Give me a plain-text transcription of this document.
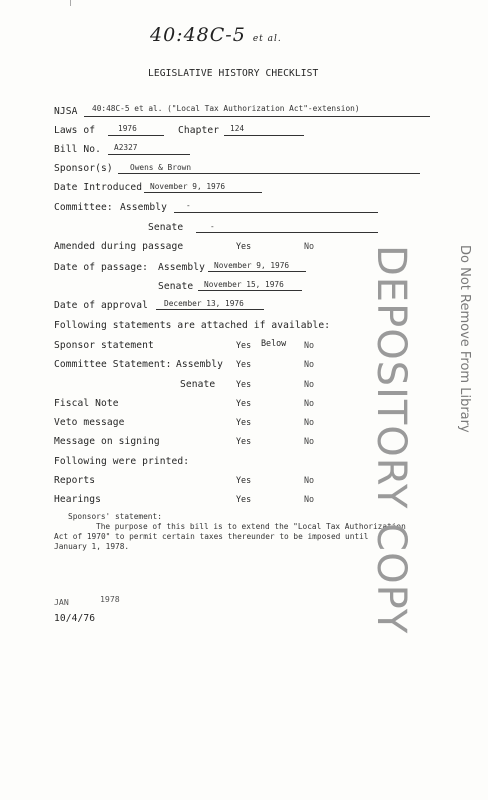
40:48C-5 et al.
LEGISLATIVE HISTORY CHECKLIST
NJSA 40:48C-5 et al. ("Local Tax Authorization Act"-extension)
Laws of	1976	Chapter 124
Bill No. A2327
Sponsor(s) Owens & Brown
Date Introduced November 9, 1976
Committee: Assembly -
Senate	-
Amended during passage	Yes	No
Date of passage: Assembly November 9, 1976
Senate November 15, 1976
Date of approval December 13, 1976
Following statements are attached if available:
Sponsor statement	Yes Below No
Committee Statement: Assembly Yes	No
Senate Yes	No
Fiscal Note	Yes	No
Veto message	Yes	No
Message on signing	Yes	No
Following were printed:
Reports	Yes	No
Hearings	Yes	No
Sponsors' statement:
The purpose of this bill is to extend the "Local Tax Authorization
Act of 1970" to permit certain taxes thereunder to be imposed until
January 1, 1978.
JAN	1978
10/4/76	DEPOSITORY COPY	Do Not Remove From Library
